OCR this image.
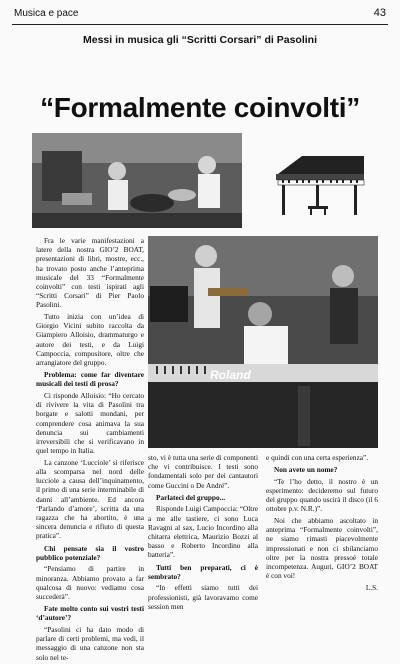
Musica e pace	43
Messi in musica gli “Scritti Corsari” di Pasolini
“Formalmente coinvolti”

Fra le varie manifestazioni a latere della nostra GIO’2 BOAT, presentazioni di libri, mostre, ecc., ha trovato posto anche l’anteprima musicale del 33 “Formalmente coinvolti” con testi ispirati agli “Scritti Corsari” di Pier Paolo Pasolini.

Tutto inizia con un’idea di Giorgio Vicini subito raccolta da Giampiero Alloisio, drammaturgo e autore dei testi, e da Luigi Campoccia, compositore, oltre che arrangiatore del gruppo.

Problema: come far diventare musicali dei testi di prosa?

Ci risponde Alloisio: “Ho cercato di rivivere la vita di Pasolini tra borgate e salotti mondani, per comprendere cosa animava la sua denuncia sui cambiamenti irreversibili che si verificavano in quel tempo in Italia.

La canzone ‘Lucciole’ si riferisce alla scomparsa nel nord delle lucciole a causa dell’inquinamento, il primo di una serie interminabile di danni all’ambiente. Ed ancora ‘Parlando d’amore’, scritta da una ragazza che ha abortito, è una sincera denuncia e rifiuto di questa pratica”.

Chi pensate sia il vostro pubblico potenziale?

“Pensiamo di partire in minoranza. Abbiamo provato a far qualcosa di nuovo: vediamo cosa succederà”.

Fate molto conto sui vostri testi ‘d’autore’?

“Pasolini ci ha dato modo di parlare di certi problemi, ma vedi, il messaggio di una canzone non sta solo nel te-

Roland

sto, vi è tutta una serie di componenti che vi contribuisce. I testi sono fondamentali solo per dei cantautori come Guccini o De André”.

Parlateci del gruppo...

Risponde Luigi Campoccia: “Oltre a me alle tastiere, ci sono Luca Ravagni al sax, Lucio Incordino alla chitarra elettrica, Maurizio Bozzi al basso e Roberto Incordino alla batteria”.

Tutti ben preparati, ci è sembrato?

“In effetti siamo tutti dei professionisti, già lavoravamo come session men

e quindi con una certa esperienza”.

Non avete un nome?

“Te l’ho detto, il nostro è un esperimento: decideremo sul futuro del gruppo quando uscirà il disco (il 6 ottobre p.v. N.R.)”.

Noi che abbiamo ascoltato in anteprima “Formalmente coinvolti”, ne siamo rimasti piacevolmente impressionati e non ci sbilanciamo oltre per la nostra pressoé totale incompetenza. Auguri, GIO’2 BOAT è con voi!

L.S.
